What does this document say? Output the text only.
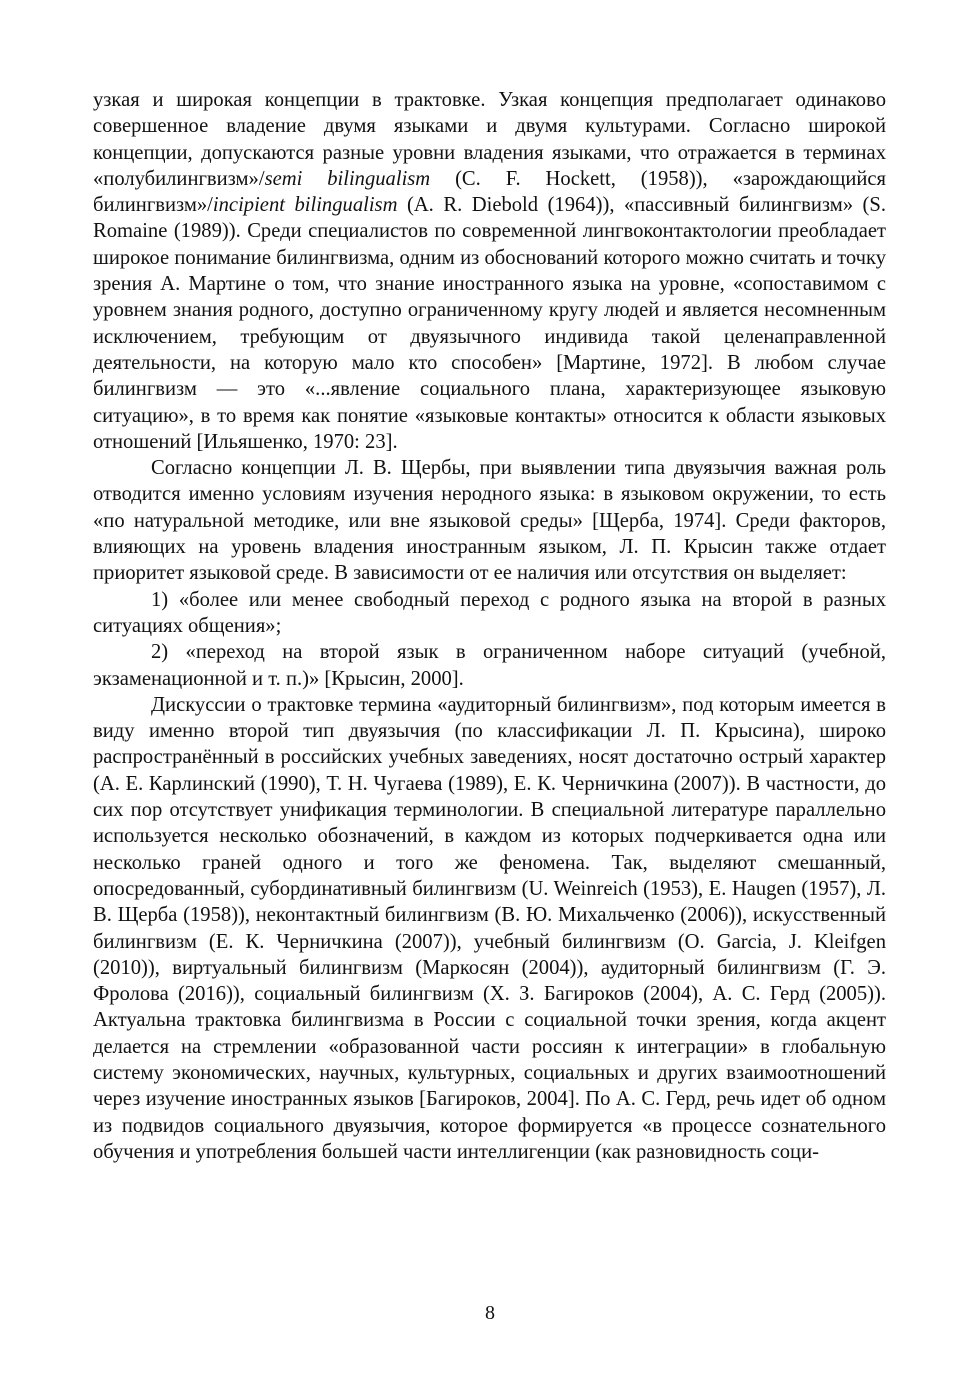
узкая и широкая концепции в трактовке. Узкая концепция предполагает одинаково совершенное владение двумя языками и двумя культурами. Согласно широкой концепции, допускаются разные уровни владения языками, что отражается в терминах «полубилингвизм»/semi bilingualism (C. F. Hockett, (1958)), «зарождающийся билингвизм»/incipient bilingualism (A. R. Diebold (1964)), «пассивный билингвизм» (S. Romaine (1989)). Среди специалистов по современной лингвоконтактологии преобладает широкое понимание билингвизма, одним из обоснований которого можно считать и точку зрения А. Мартине о том, что знание иностранного языка на уровне, «сопоставимом с уровнем знания родного, доступно ограниченному кругу людей и является несомненным исключением, требующим от двуязычного индивида такой целенаправленной деятельности, на которую мало кто способен» [Мартине, 1972]. В любом случае билингвизм — это «...явление социального плана, характеризующее языковую ситуацию», в то время как понятие «языковые контакты» относится к области языковых отношений [Ильяшенко, 1970: 23].

Согласно концепции Л. В. Щербы, при выявлении типа двуязычия важная роль отводится именно условиям изучения неродного языка: в языковом окружении, то есть «по натуральной методике, или вне языковой среды» [Щерба, 1974]. Среди факторов, влияющих на уровень владения иностранным языком, Л. П. Крысин также отдает приоритет языковой среде. В зависимости от ее наличия или отсутствия он выделяет:

1) «более или менее свободный переход с родного языка на второй в разных ситуациях общения»;

2) «переход на второй язык в ограниченном наборе ситуаций (учебной, экзаменационной и т. п.)» [Крысин, 2000].

Дискуссии о трактовке термина «аудиторный билингвизм», под которым имеется в виду именно второй тип двуязычия (по классификации Л. П. Крысина), широко распространённый в российских учебных заведениях, носят достаточно острый характер (А. Е. Карлинский (1990), Т. Н. Чугаева (1989), Е. К. Черничкина (2007)). В частности, до сих пор отсутствует унификация терминологии. В специальной литературе параллельно используется несколько обозначений, в каждом из которых подчеркивается одна или несколько граней одного и того же феномена. Так, выделяют смешанный, опосредованный, субординативный билингвизм (U. Weinreich (1953), E. Haugen (1957), Л. В. Щерба (1958)), неконтактный билингвизм (В. Ю. Михальченко (2006)), искусственный билингвизм (Е. К. Черничкина (2007)), учебный билингвизм (O. Garcia, J. Kleifgen (2010)), виртуальный билингвизм (Маркосян (2004)), аудиторный билингвизм (Г. Э. Фролова (2016)), социальный билингвизм (Х. З. Багироков (2004), А. С. Герд (2005)). Актуальна трактовка билингвизма в России с социальной точки зрения, когда акцент делается на стремлении «образованной части россиян к интеграции» в глобальную систему экономических, научных, культурных, социальных и других взаимоотношений через изучение иностранных языков [Багироков, 2004]. По А. С. Герд, речь идет об одном из подвидов социального двуязычия, которое формируется «в процессе сознательного обучения и употребления большей части интеллигенции (как разновидность соци-

8
